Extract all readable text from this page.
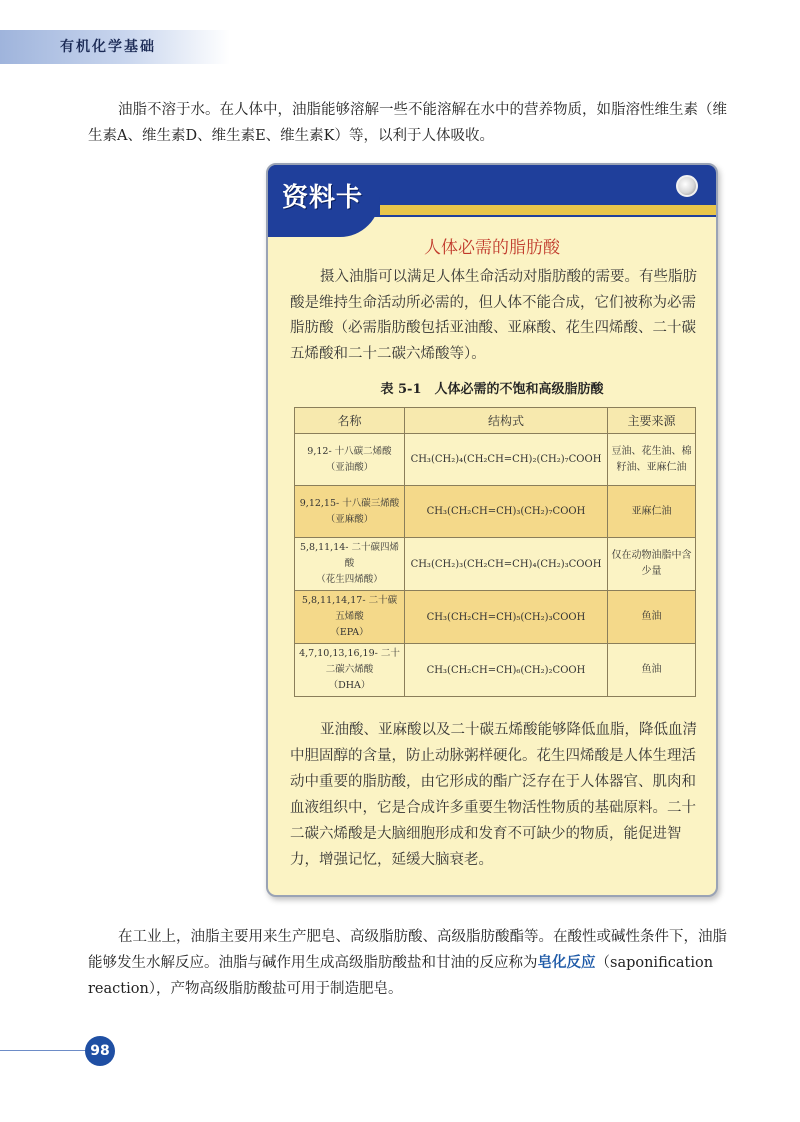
有机化学基础

油脂不溶于水。在人体中，油脂能够溶解一些不能溶解在水中的营养物质，如脂溶性维生素（维生素A、维生素D、维生素E、维生素K）等，以利于人体吸收。

资料卡
人体必需的脂肪酸

摄入油脂可以满足人体生命活动对脂肪酸的需要。有些脂肪酸是维持生命活动所必需的，但人体不能合成，它们被称为必需脂肪酸（必需脂肪酸包括亚油酸、亚麻酸、花生四烯酸、二十碳五烯酸和二十二碳六烯酸等）。

表 5-1　人体必需的不饱和高级脂肪酸
名称	结构式	主要来源

9,12- 十八碳二烯酸
（亚油酸）	CH₃(CH₂)₄(CH₂CH=CH)₂(CH₂)₇COOH	豆油、花生油、棉籽油、亚麻仁油

9,12,15- 十八碳三烯酸
（亚麻酸）	CH₃(CH₂CH=CH)₃(CH₂)₇COOH	亚麻仁油

5,8,11,14- 二十碳四烯酸
（花生四烯酸）	CH₃(CH₂)₃(CH₂CH=CH)₄(CH₂)₃COOH	仅在动物油脂中含少量

5,8,11,14,17- 二十碳五烯酸
（EPA）	CH₃(CH₂CH=CH)₅(CH₂)₃COOH	鱼油

4,7,10,13,16,19- 二十二碳六烯酸
（DHA）	CH₃(CH₂CH=CH)₆(CH₂)₂COOH	鱼油

亚油酸、亚麻酸以及二十碳五烯酸能够降低血脂，降低血清中胆固醇的含量，防止动脉粥样硬化。花生四烯酸是人体生理活动中重要的脂肪酸，由它形成的酯广泛存在于人体器官、肌肉和血液组织中，它是合成许多重要生物活性物质的基础原料。二十二碳六烯酸是大脑细胞形成和发育不可缺少的物质，能促进智力，增强记忆，延缓大脑衰老。

在工业上，油脂主要用来生产肥皂、高级脂肪酸、高级脂肪酸酯等。在酸性或碱性条件下，油脂能够发生水解反应。油脂与碱作用生成高级脂肪酸盐和甘油的反应称为皂化反应（saponification reaction），产物高级脂肪酸盐可用于制造肥皂。

98
